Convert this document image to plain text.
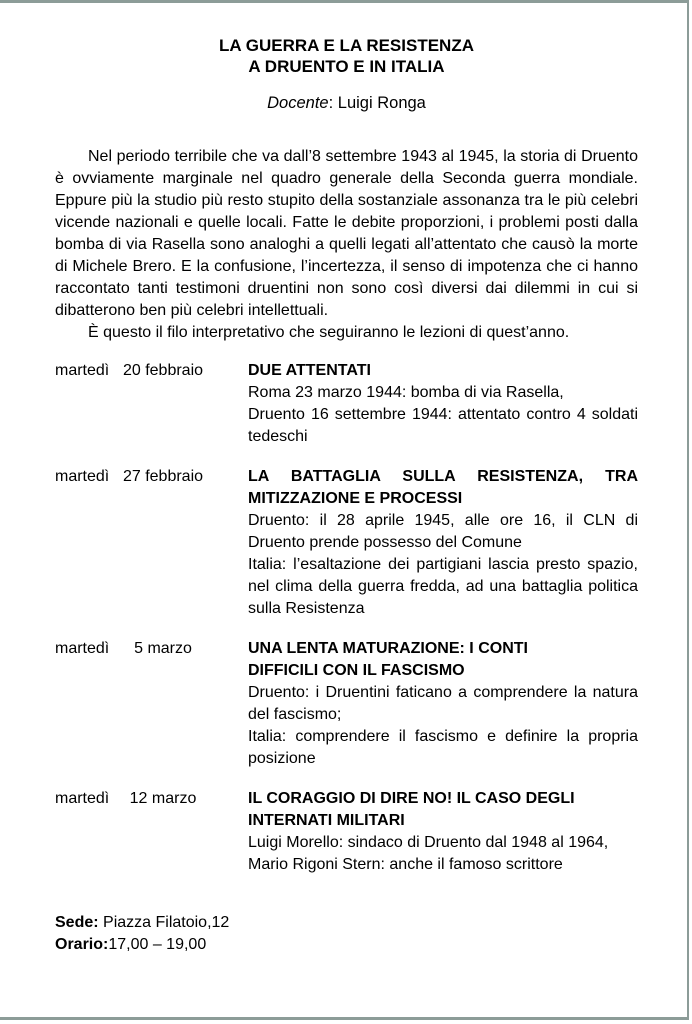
LA GUERRA E LA RESISTENZA
A DRUENTO E IN ITALIA
Docente: Luigi Ronga

Nel periodo terribile che va dall’8 settembre 1943 al 1945, la storia di Druento è ovviamente marginale nel quadro generale della Seconda guerra mondiale. Eppure più la studio più resto stupito della sostanziale assonanza tra le più celebri vicende nazionali e quelle locali. Fatte le debite proporzioni, i problemi posti dalla bomba di via Rasella sono analoghi a quelli legati all’attentato che causò la morte di Michele Brero. E la confusione, l’incertezza, il senso di impotenza che ci hanno raccontato tanti testimoni druentini non sono così diversi dai dilemmi in cui si dibatterono ben più celebri intellettuali.

È questo il filo interpretativo che seguiranno le lezioni di quest’anno.

martedì 20 febbraio	DUE ATTENTATI
Roma 23 marzo 1944: bomba di via Rasella,
Druento 16 settembre 1944: attentato contro 4 soldati tedeschi
martedì 27 febbraio	LA BATTAGLIA SULLA RESISTENZA, TRA MITIZZAZIONE E PROCESSI
Druento: il 28 aprile 1945, alle ore 16, il CLN di Druento prende possesso del Comune
Italia: l’esaltazione dei partigiani lascia presto spazio, nel clima della guerra fredda, ad una battaglia politica sulla Resistenza
martedì	5 marzo	UNA LENTA MATURAZIONE: I CONTI
DIFFICILI CON IL FASCISMO
Druento: i Druentini faticano a comprendere la natura del fascismo;
Italia: comprendere il fascismo e definire la propria posizione
martedì	12 marzo	IL CORAGGIO DI DIRE NO! IL CASO DEGLI
INTERNATI MILITARI
Luigi Morello: sindaco di Druento dal 1948 al 1964,
Mario Rigoni Stern: anche il famoso scrittore
Sede: Piazza Filatoio,12
Orario:17,00 – 19,00
